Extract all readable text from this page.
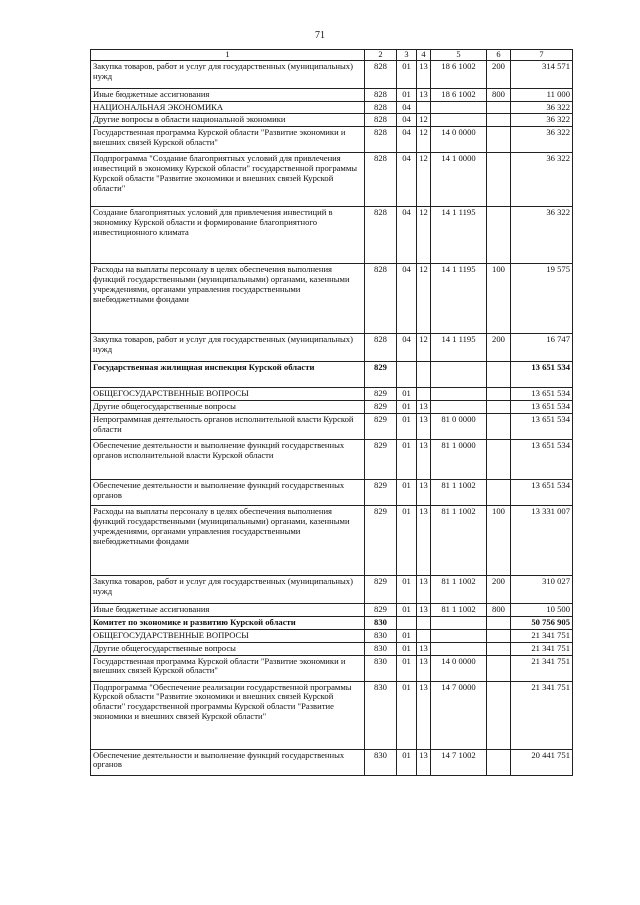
71
1	2	3	4	5	6	7
Закупка товаров, работ и услуг для государственных (муниципальных) нужд	828	01	13	18 6 1002	200	314 571
Иные бюджетные ассигнования	828	01	13	18 6 1002	800	11 000
НАЦИОНАЛЬНАЯ ЭКОНОМИКА	828	04				36 322
Другие вопросы в области национальной экономики	828	04	12			36 322
Государственная программа Курской области "Развитие экономики и внешних связей Курской области"	828	04	12	14 0 0000		36 322
Подпрограмма "Создание благоприятных условий для привлечения инвестиций в экономику Курской области" государственной программы Курской области "Развитие экономики и внешних связей Курской области"	828	04	12	14 1 0000		36 322
Создание благоприятных условий для привлечения инвестиций в экономику Курской области и формирование благоприятного инвестиционного климата	828	04	12	14 1 1195		36 322
Расходы на выплаты персоналу в целях обеспечения выполнения функций государственными (муниципальными) органами, казенными учреждениями, органами управления государственными внебюджетными фондами	828	04	12	14 1 1195	100	19 575
Закупка товаров, работ и услуг для государственных (муниципальных) нужд	828	04	12	14 1 1195	200	16 747
Государственная жилищная инспекция Курской области	829					13 651 534
ОБЩЕГОСУДАРСТВЕННЫЕ ВОПРОСЫ	829	01				13 651 534
Другие общегосударственные вопросы	829	01	13			13 651 534
Непрограммная деятельность органов исполнительной власти Курской области	829	01	13	81 0 0000		13 651 534
Обеспечение деятельности и выполнение функций государственных органов исполнительной власти Курской области	829	01	13	81 1 0000		13 651 534
Обеспечение деятельности и выполнение функций государственных органов	829	01	13	81 1 1002		13 651 534
Расходы на выплаты персоналу в целях обеспечения выполнения функций государственными (муниципальными) органами, казенными учреждениями, органами управления государственными внебюджетными фондами	829	01	13	81 1 1002	100	13 331 007
Закупка товаров, работ и услуг для государственных (муниципальных) нужд	829	01	13	81 1 1002	200	310 027
Иные бюджетные ассигнования	829	01	13	81 1 1002	800	10 500
Комитет по экономике и развитию Курской области	830					50 756 905
ОБЩЕГОСУДАРСТВЕННЫЕ ВОПРОСЫ	830	01				21 341 751
Другие общегосударственные вопросы	830	01	13			21 341 751
Государственная программа Курской области "Развитие экономики и внешних связей Курской области"	830	01	13	14 0 0000		21 341 751
Подпрограмма "Обеспечение реализации государственной программы Курской области "Развитие экономики и внешних связей Курской области" государственной программы Курской области "Развитие экономики и внешних связей Курской области"	830	01	13	14 7 0000		21 341 751
Обеспечение деятельности и выполнение функций государственных органов	830	01	13	14 7 1002		20 441 751
